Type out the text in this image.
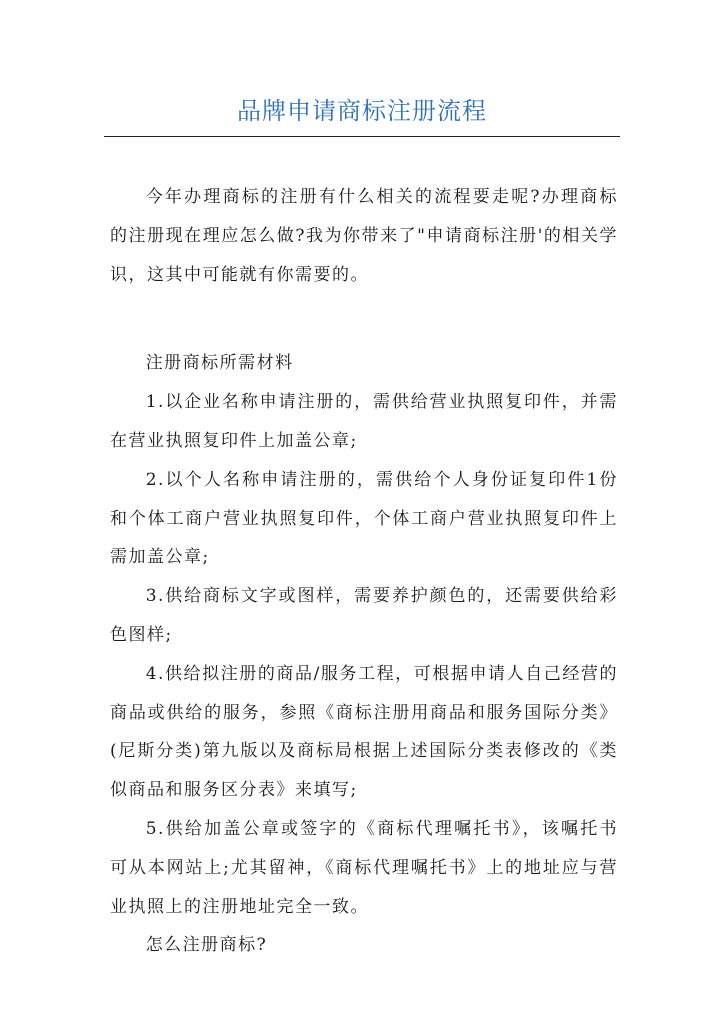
品牌申请商标注册流程

今年办理商标的注册有什么相关的流程要走呢?办理商标的注册现在理应怎么做?我为你带来了"申请商标注册'的相关学识，这其中可能就有你需要的。

注册商标所需材料

1.以企业名称申请注册的，需供给营业执照复印件，并需在营业执照复印件上加盖公章;

2.以个人名称申请注册的，需供给个人身份证复印件1份和个体工商户营业执照复印件，个体工商户营业执照复印件上需加盖公章;

3.供给商标文字或图样，需要养护颜色的，还需要供给彩色图样;

4.供给拟注册的商品/服务工程，可根据申请人自己经营的商品或供给的服务，参照《商标注册用商品和服务国际分类》(尼斯分类)第九版以及商标局根据上述国际分类表修改的《类似商品和服务区分表》来填写;

5.供给加盖公章或签字的《商标代理嘱托书》，该嘱托书可从本网站上;尤其留神，《商标代理嘱托书》上的地址应与营业执照上的注册地址完全一致。

怎么注册商标?
